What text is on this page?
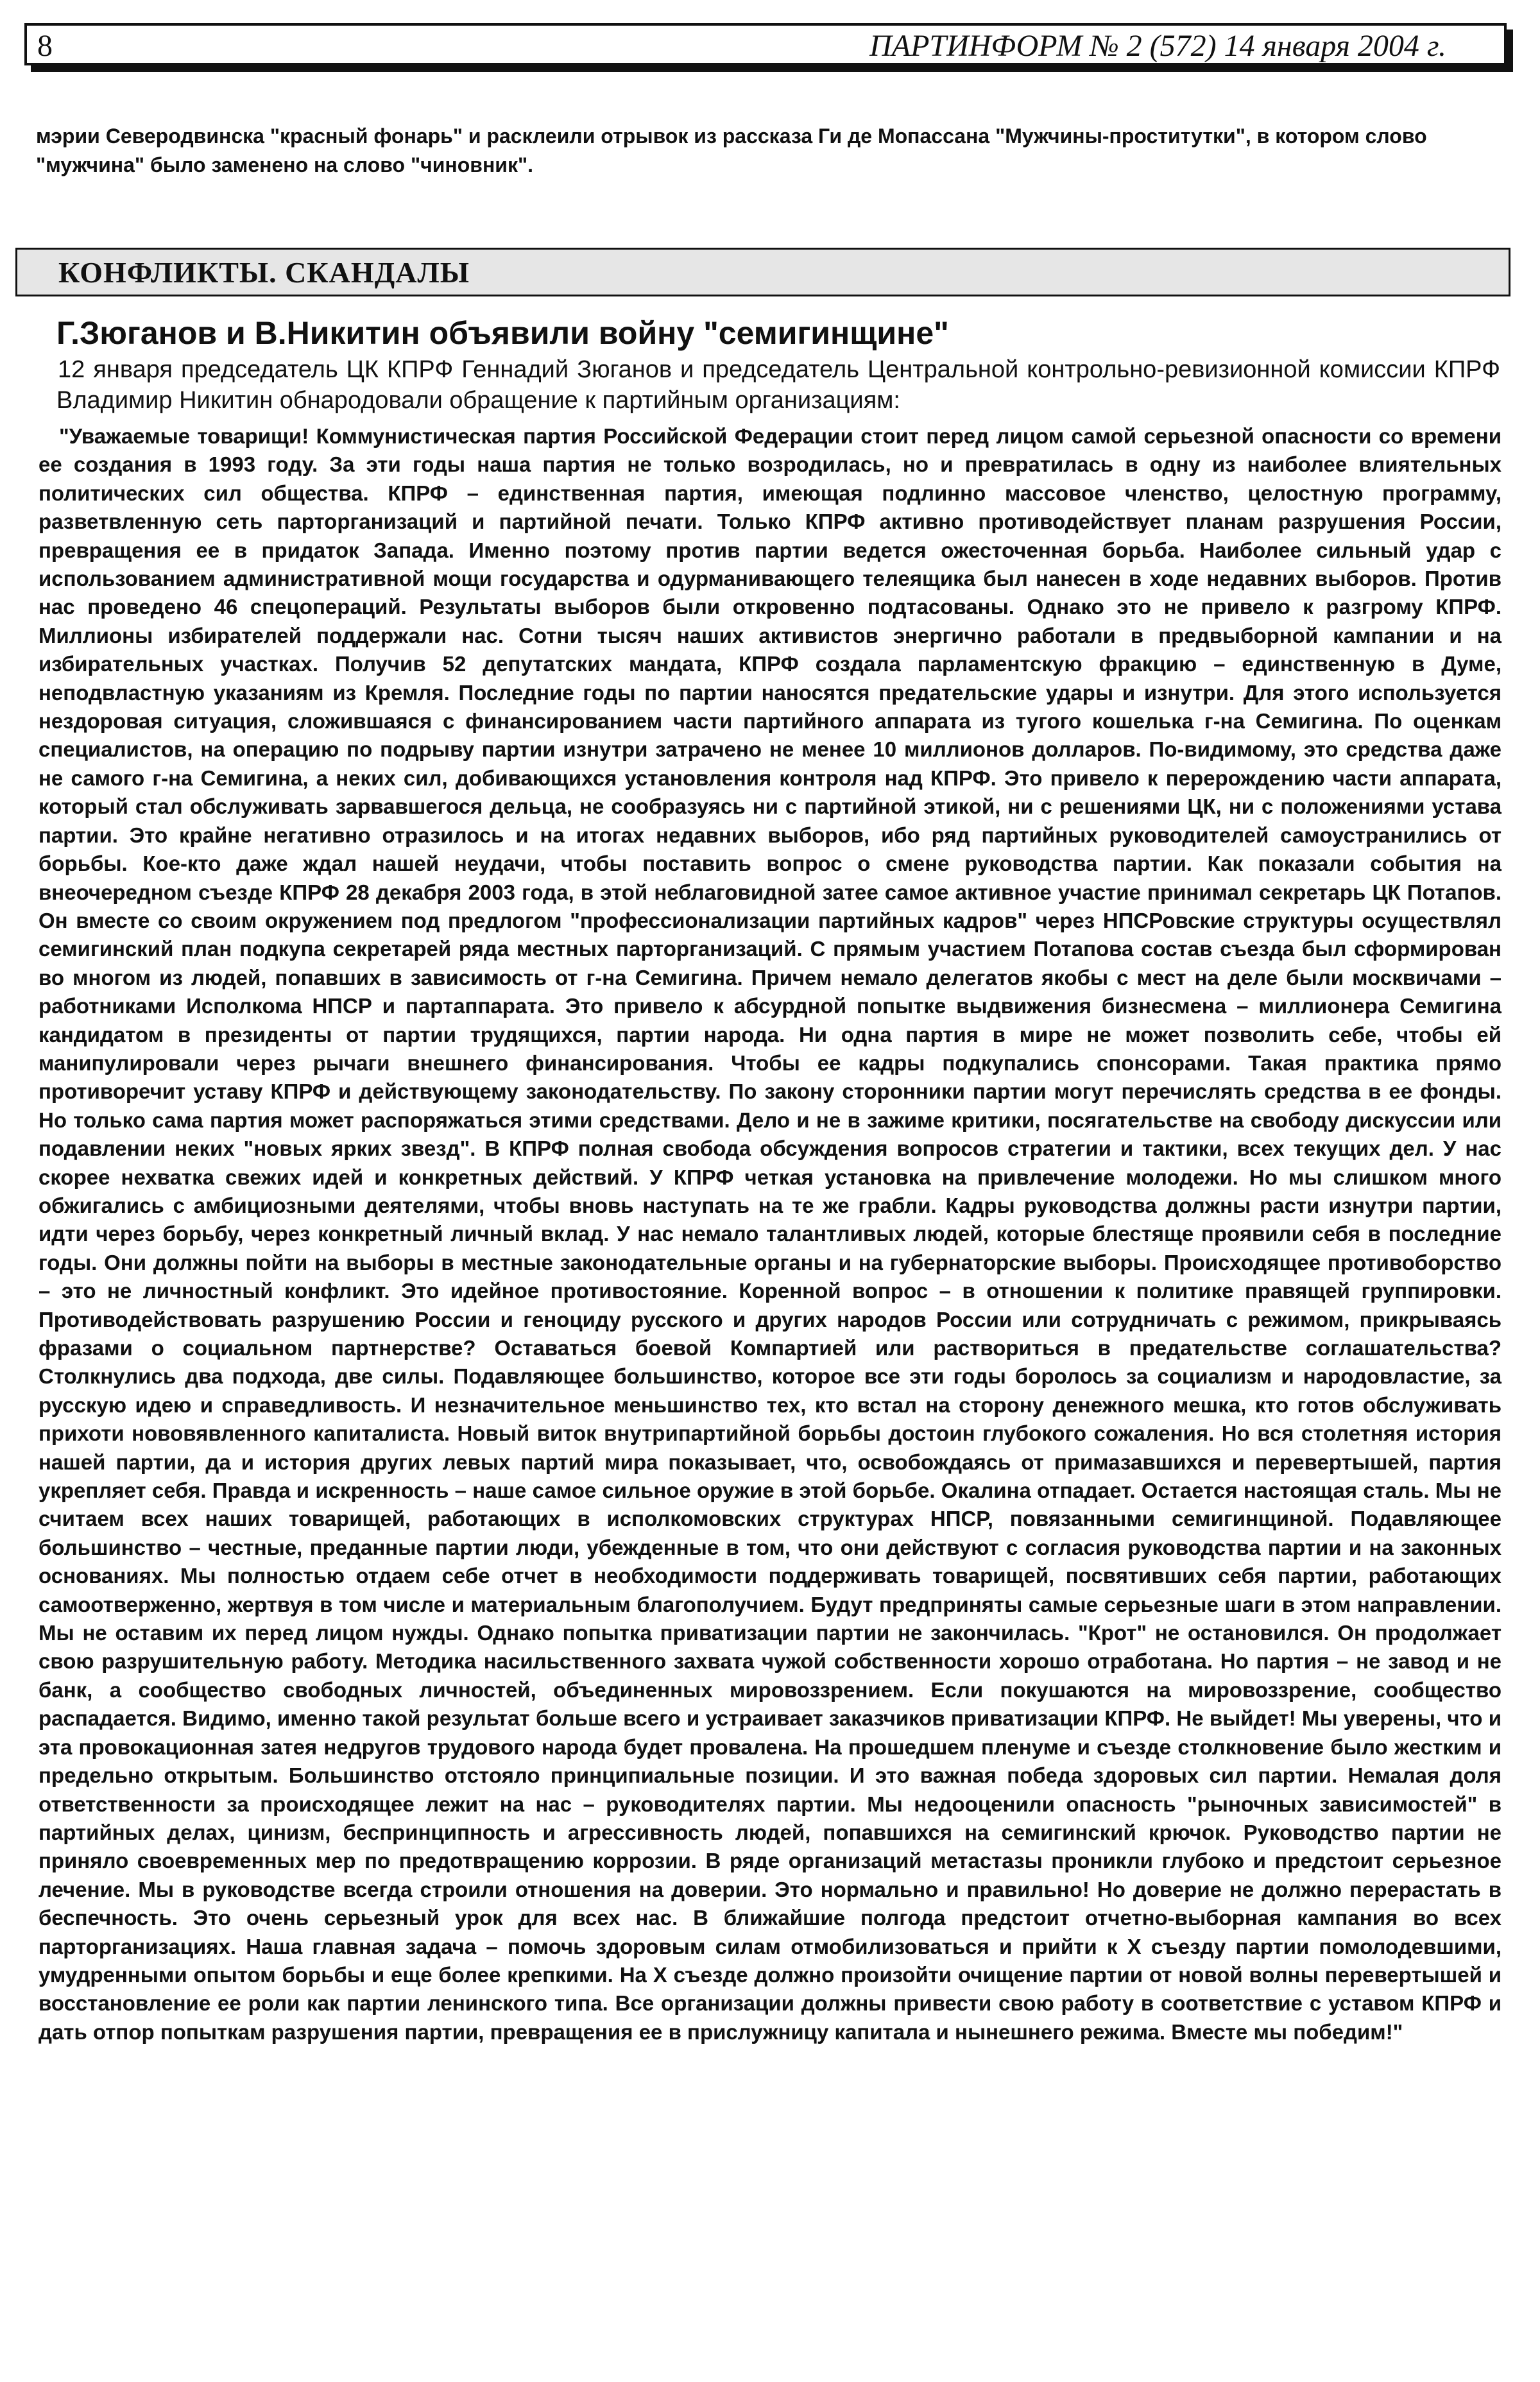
8	ПАРТИНФОРМ № 2 (572) 14 января 2004 г.

мэрии Северодвинска "красный фонарь" и расклеили отрывок из рассказа Ги де Мопассана "Мужчины-проститутки", в котором слово "мужчина" было заменено на слово "чиновник".

КОНФЛИКТЫ. СКАНДАЛЫ
Г.Зюганов и В.Никитин объявили войну "семигинщине"

12 января председатель ЦК КПРФ Геннадий Зюганов и председатель Центральной контрольно-ревизионной комиссии КПРФ Владимир Никитин обнародовали обращение к партийным организациям:

"Уважаемые товарищи! Коммунистическая партия Российской Федерации стоит перед лицом самой серьезной опасности со времени ее создания в 1993 году. За эти годы наша партия не только возродилась, но и превратилась в одну из наиболее влиятельных политических сил общества. КПРФ – единственная партия, имеющая подлинно массовое членство, целостную программу, разветвленную сеть парторганизаций и партийной печати. Только КПРФ активно противодействует планам разрушения России, превращения ее в придаток Запада. Именно поэтому против партии ведется ожесточенная борьба. Наиболее сильный удар с использованием административной мощи государства и одурманивающего телеящика был нанесен в ходе недавних выборов. Против нас проведено 46 спецопераций. Результаты выборов были откровенно подтасованы. Однако это не привело к разгрому КПРФ. Миллионы избирателей поддержали нас. Сотни тысяч наших активистов энергично работали в предвыборной кампании и на избирательных участках. Получив 52 депутатских мандата, КПРФ создала парламентскую фракцию – единственную в Думе, неподвластную указаниям из Кремля. Последние годы по партии наносятся предательские удары и изнутри. Для этого используется нездоровая ситуация, сложившаяся с финансированием части партийного аппарата из тугого кошелька г-на Семигина. По оценкам специалистов, на операцию по подрыву партии изнутри затрачено не менее 10 миллионов долларов. По-видимому, это средства даже не самого г-на Семигина, а неких сил, добивающихся установления контроля над КПРФ. Это привело к перерождению части аппарата, который стал обслуживать зарвавшегося дельца, не сообразуясь ни с партийной этикой, ни с решениями ЦК, ни с положениями устава партии. Это крайне негативно отразилось и на итогах недавних выборов, ибо ряд партийных руководителей самоустранились от борьбы. Кое-кто даже ждал нашей неудачи, чтобы поставить вопрос о смене руководства партии. Как показали события на внеочередном съезде КПРФ 28 декабря 2003 года, в этой неблаговидной затее самое активное участие принимал секретарь ЦК Потапов. Он вместе со своим окружением под предлогом "профессионализации партийных кадров" через НПСРовские структуры осуществлял семигинский план подкупа секретарей ряда местных парторганизаций. С прямым участием Потапова состав съезда был сформирован во многом из людей, попавших в зависимость от г-на Семигина. Причем немало делегатов якобы с мест на деле были москвичами – работниками Исполкома НПСР и партаппарата. Это привело к абсурдной попытке выдвижения бизнесмена – миллионера Семигина кандидатом в президенты от партии трудящихся, партии народа. Ни одна партия в мире не может позволить себе, чтобы ей манипулировали через рычаги внешнего финансирования. Чтобы ее кадры подкупались спонсорами. Такая практика прямо противоречит уставу КПРФ и действующему законодательству. По закону сторонники партии могут перечислять средства в ее фонды. Но только сама партия может распоряжаться этими средствами. Дело и не в зажиме критики, посягательстве на свободу дискуссии или подавлении неких "новых ярких звезд". В КПРФ полная свобода обсуждения вопросов стратегии и тактики, всех текущих дел. У нас скорее нехватка свежих идей и конкретных действий. У КПРФ четкая установка на привлечение молодежи. Но мы слишком много обжигались с амбициозными деятелями, чтобы вновь наступать на те же грабли. Кадры руководства должны расти изнутри партии, идти через борьбу, через конкретный личный вклад. У нас немало талантливых людей, которые блестяще проявили себя в последние годы. Они должны пойти на выборы в местные законодательные органы и на губернаторские выборы. Происходящее противоборство – это не личностный конфликт. Это идейное противостояние. Коренной вопрос – в отношении к политике правящей группировки. Противодействовать разрушению России и геноциду русского и других народов России или сотрудничать с режимом, прикрываясь фразами о социальном партнерстве? Оставаться боевой Компартией или раствориться в предательстве соглашательства? Столкнулись два подхода, две силы. Подавляющее большинство, которое все эти годы боролось за социализм и народовластие, за русскую идею и справедливость. И незначительное меньшинство тех, кто встал на сторону денежного мешка, кто готов обслуживать прихоти нововявленного капиталиста. Новый виток внутрипартийной борьбы достоин глубокого сожаления. Но вся столетняя история нашей партии, да и история других левых партий мира показывает, что, освобождаясь от примазавшихся и перевертышей, партия укрепляет себя. Правда и искренность – наше самое сильное оружие в этой борьбе. Окалина отпадает. Остается настоящая сталь. Мы не считаем всех наших товарищей, работающих в исполкомовских структурах НПСР, повязанными семигинщиной. Подавляющее большинство – честные, преданные партии люди, убежденные в том, что они действуют с согласия руководства партии и на законных основаниях. Мы полностью отдаем себе отчет в необходимости поддерживать товарищей, посвятивших себя партии, работающих самоотверженно, жертвуя в том числе и материальным благополучием. Будут предприняты самые серьезные шаги в этом направлении. Мы не оставим их перед лицом нужды. Однако попытка приватизации партии не закончилась. "Крот" не остановился. Он продолжает свою разрушительную работу. Методика насильственного захвата чужой собственности хорошо отработана. Но партия – не завод и не банк, а сообщество свободных личностей, объединенных мировоззрением. Если покушаются на мировоззрение, сообщество распадается. Видимо, именно такой результат больше всего и устраивает заказчиков приватизации КПРФ. Не выйдет! Мы уверены, что и эта провокационная затея недругов трудового народа будет провалена. На прошедшем пленуме и съезде столкновение было жестким и предельно открытым. Большинство отстояло принципиальные позиции. И это важная победа здоровых сил партии. Немалая доля ответственности за происходящее лежит на нас – руководителях партии. Мы недооценили опасность "рыночных зависимостей" в партийных делах, цинизм, беспринципность и агрессивность людей, попавшихся на семигинский крючок. Руководство партии не приняло своевременных мер по предотвращению коррозии. В ряде организаций метастазы проникли глубоко и предстоит серьезное лечение. Мы в руководстве всегда строили отношения на доверии. Это нормально и правильно! Но доверие не должно перерастать в беспечность. Это очень серьезный урок для всех нас. В ближайшие полгода предстоит отчетно-выборная кампания во всех парторганизациях. Наша главная задача – помочь здоровым силам отмобилизоваться и прийти к X съезду партии помолодевшими, умудренными опытом борьбы и еще более крепкими. На X съезде должно произойти очищение партии от новой волны перевертышей и восстановление ее роли как партии ленинского типа. Все организации должны привести свою работу в соответствие с уставом КПРФ и дать отпор попыткам разрушения партии, превращения ее в прислужницу капитала и нынешнего режима. Вместе мы победим!"
